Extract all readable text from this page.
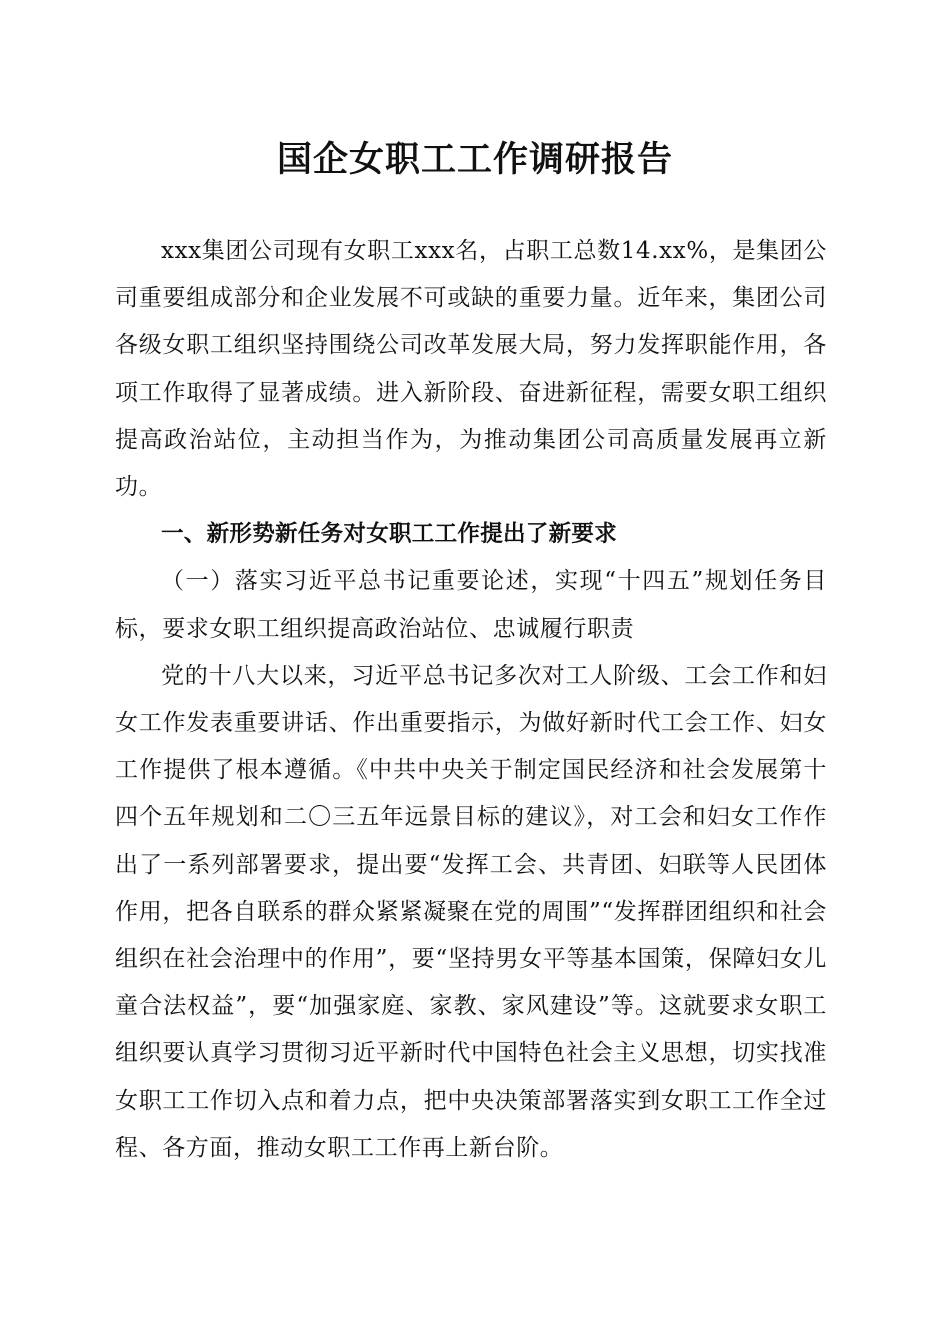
国企女职工工作调研报告

xxx集团公司现有女职工xxx名，占职工总数14.xx%，是集团公司重要组成部分和企业发展不可或缺的重要力量。近年来，集团公司各级女职工组织坚持围绕公司改革发展大局，努力发挥职能作用，各项工作取得了显著成绩。进入新阶段、奋进新征程，需要女职工组织提高政治站位，主动担当作为，为推动集团公司高质量发展再立新功。

一、新形势新任务对女职工工作提出了新要求

（一）落实习近平总书记重要论述，实现“十四五”规划任务目标，要求女职工组织提高政治站位、忠诚履行职责

党的十八大以来，习近平总书记多次对工人阶级、工会工作和妇女工作发表重要讲话、作出重要指示，为做好新时代工会工作、妇女工作提供了根本遵循。《中共中央关于制定国民经济和社会发展第十四个五年规划和二〇三五年远景目标的建议》，对工会和妇女工作作出了一系列部署要求，提出要“发挥工会、共青团、妇联等人民团体作用，把各自联系的群众紧紧凝聚在党的周围”“发挥群团组织和社会组织在社会治理中的作用”，要“坚持男女平等基本国策，保障妇女儿童合法权益”，要“加强家庭、家教、家风建设”等。这就要求女职工组织要认真学习贯彻习近平新时代中国特色社会主义思想，切实找准女职工工作切入点和着力点，把中央决策部署落实到女职工工作全过程、各方面，推动女职工工作再上新台阶。
